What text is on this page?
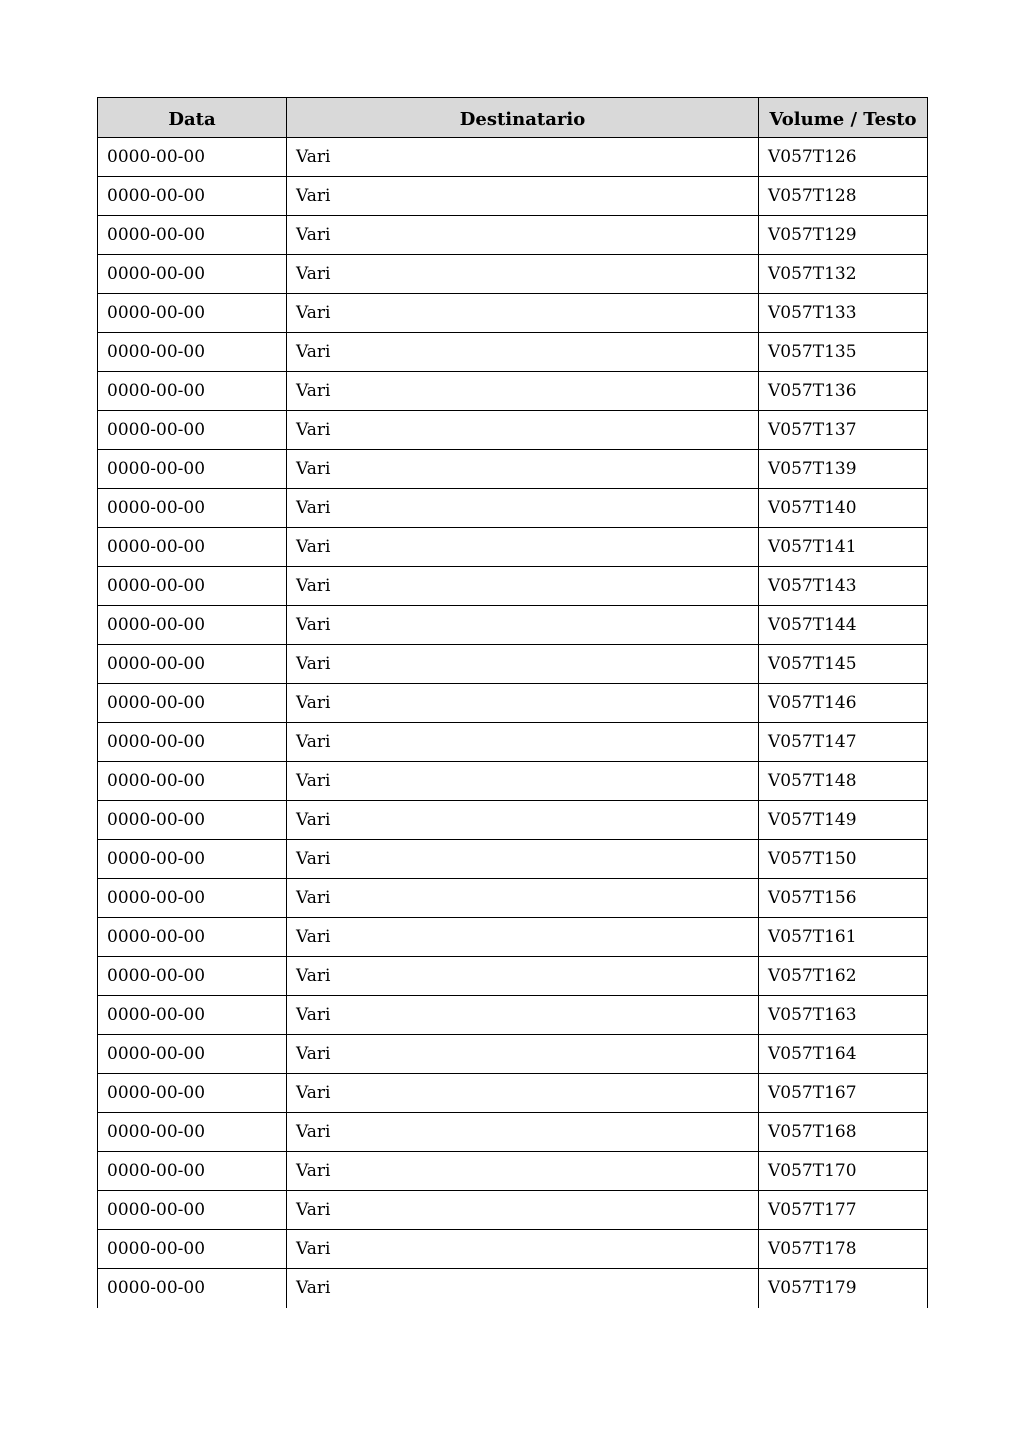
Data	Destinatario	Volume / Testo
0000-00-00	Vari	V057T126
0000-00-00	Vari	V057T128
0000-00-00	Vari	V057T129
0000-00-00	Vari	V057T132
0000-00-00	Vari	V057T133
0000-00-00	Vari	V057T135
0000-00-00	Vari	V057T136
0000-00-00	Vari	V057T137
0000-00-00	Vari	V057T139
0000-00-00	Vari	V057T140
0000-00-00	Vari	V057T141
0000-00-00	Vari	V057T143
0000-00-00	Vari	V057T144
0000-00-00	Vari	V057T145
0000-00-00	Vari	V057T146
0000-00-00	Vari	V057T147
0000-00-00	Vari	V057T148
0000-00-00	Vari	V057T149
0000-00-00	Vari	V057T150
0000-00-00	Vari	V057T156
0000-00-00	Vari	V057T161
0000-00-00	Vari	V057T162
0000-00-00	Vari	V057T163
0000-00-00	Vari	V057T164
0000-00-00	Vari	V057T167
0000-00-00	Vari	V057T168
0000-00-00	Vari	V057T170
0000-00-00	Vari	V057T177
0000-00-00	Vari	V057T178
0000-00-00	Vari	V057T179
